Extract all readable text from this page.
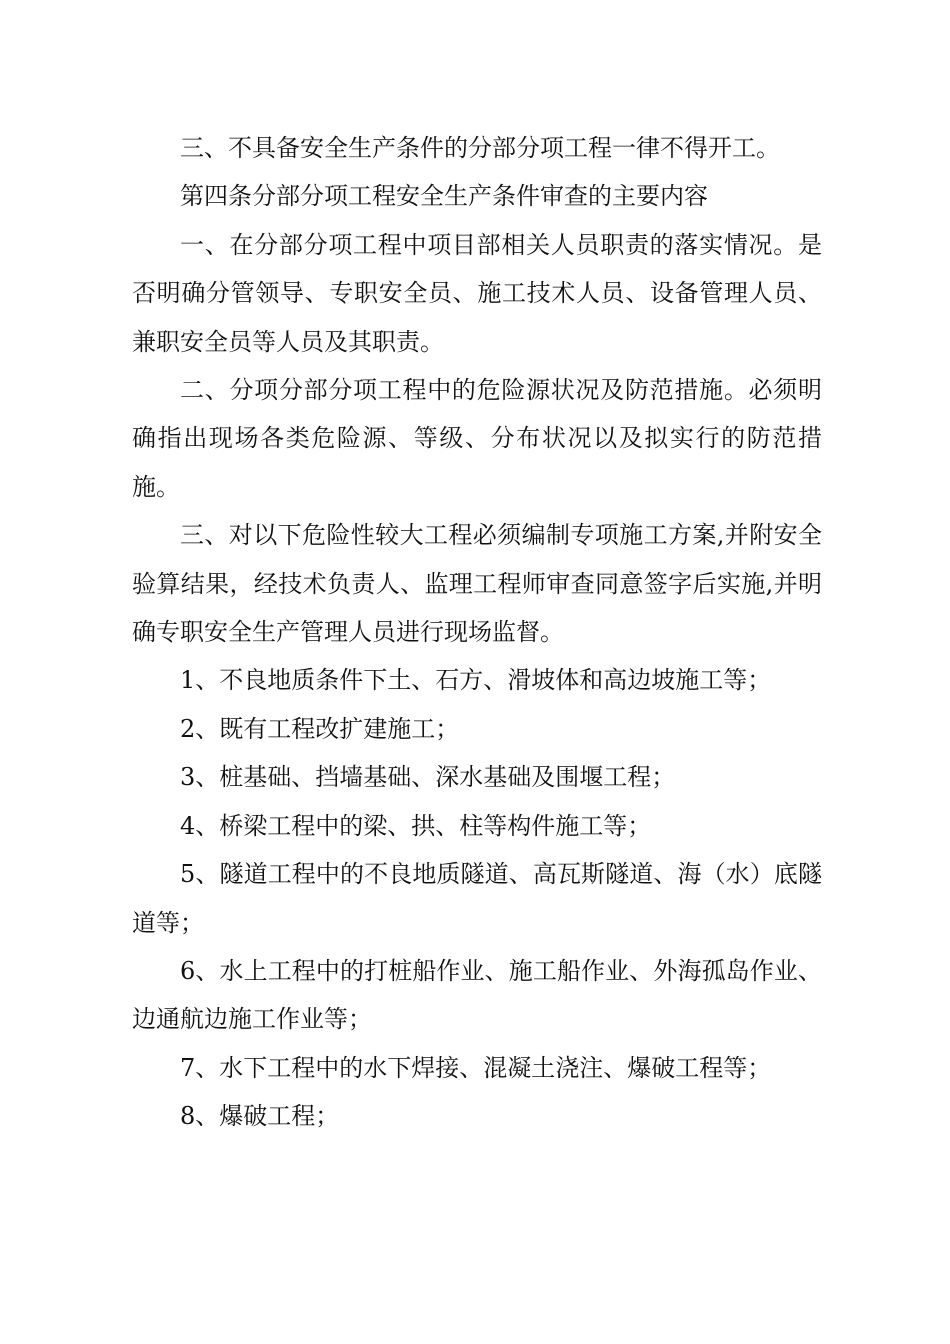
三、不具备安全生产条件的分部分项工程一律不得开工。

第四条分部分项工程安全生产条件审查的主要内容

一、在分部分项工程中项目部相关人员职责的落实情况。是否明确分管领导、专职安全员、施工技术人员、设备管理人员、兼职安全员等人员及其职责。

二、分项分部分项工程中的危险源状况及防范措施。必须明确指出现场各类危险源、等级、分布状况以及拟实行的防范措施。

三、对以下危险性较大工程必须编制专项施工方案,并附安全验算结果，经技术负责人、监理工程师审查同意签字后实施,并明确专职安全生产管理人员进行现场监督。

1、不良地质条件下土、石方、滑坡体和高边坡施工等；

2、既有工程改扩建施工；

3、桩基础、挡墙基础、深水基础及围堰工程；

4、桥梁工程中的梁、拱、柱等构件施工等；

5、隧道工程中的不良地质隧道、高瓦斯隧道、海（水）底隧道等；

6、水上工程中的打桩船作业、施工船作业、外海孤岛作业、边通航边施工作业等；

7、水下工程中的水下焊接、混凝土浇注、爆破工程等；

8、爆破工程；
